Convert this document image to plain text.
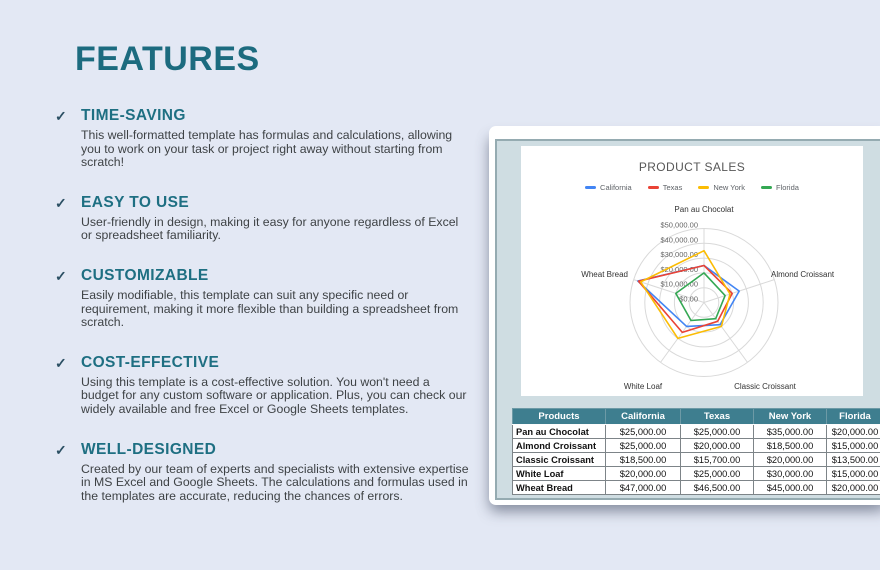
FEATURES
✓ TIME-SAVING

This well-formatted template has formulas and calculations, allowing you to work on your task or project right away without starting from scratch!

✓ EASY TO USE

User-friendly in design, making it easy for anyone regardless of Excel or spreadsheet familiarity.

✓ CUSTOMIZABLE

Easily modifiable, this template can suit any specific need or requirement, making it more flexible than building a spreadsheet from scratch.

✓ COST-EFFECTIVE

Using this template is a cost-effective solution. You won't need a budget for any custom software or application. Plus, you can check our widely available and free Excel or Google Sheets templates.

✓ WELL-DESIGNED

Created by our team of experts and specialists with extensive expertise in MS Excel and Google Sheets. The calculations and formulas used in the templates are accurate, reducing the chances of errors.

PRODUCT SALES
California	Texas	New York	Florida
$0.00
$10,000.00
$20,000.00
$30,000.00
$40,000.00
$50,000.00
Pan au Chocolat
Almond Croissant
Classic Croissant
White Loaf
Wheat Bread
Products	California	Texas	New York	Florida
Pan au Chocolat	$25,000.00	$25,000.00	$35,000.00	$20,000.00
Almond Croissant	$25,000.00	$20,000.00	$18,500.00	$15,000.00
Classic Croissant	$18,500.00	$15,700.00	$20,000.00	$13,500.00
White Loaf	$20,000.00	$25,000.00	$30,000.00	$15,000.00
Wheat Bread	$47,000.00	$46,500.00	$45,000.00	$20,000.00
